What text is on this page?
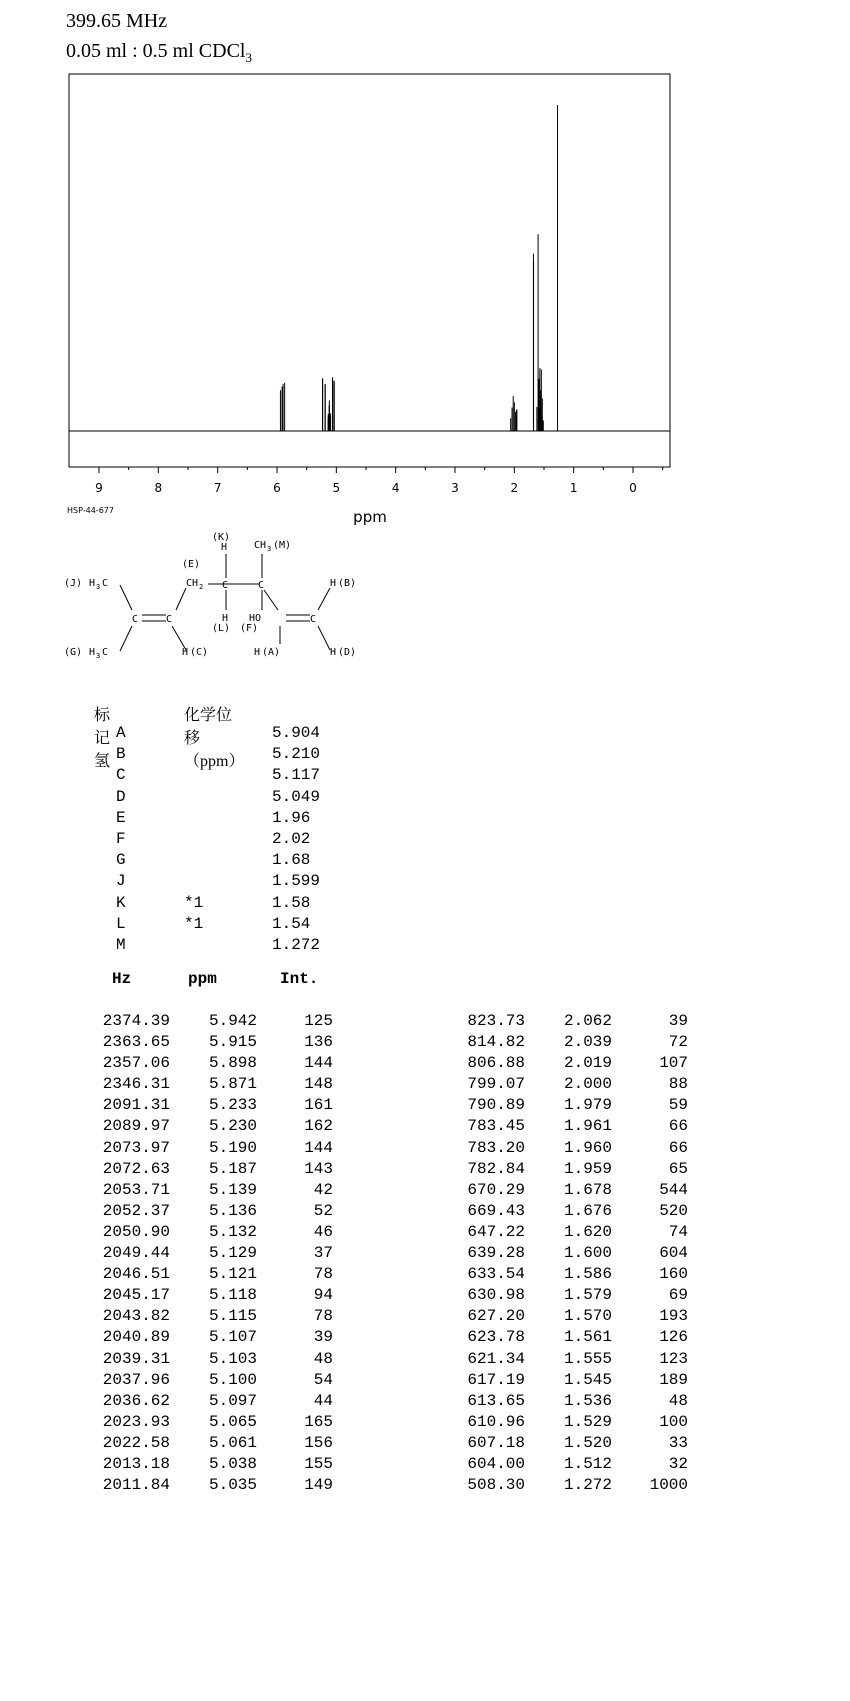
399.65 MHz
0.05 ml : 0.5 ml CDCl$_3$
9	8	7	6	5	4	3	2	1	0
ppm
HSP-44-677
(K)
H
(E)
CH 3 (M)
(J) H 3 C	CH 2 C	C	H (B)
H HO
(L) (F)
(G) H 3 C	H (C)	H (A)	H (D)
C	C	C
标记氢
化学位移（ppm）
A	5.904
B	5.210
C	5.117
D	5.049
E	1.96
F	2.02
G	1.68
J	1.599
K	*1	1.58
L	*1	1.54
M	1.272
Hz	ppm	Int.
2374.39 5.942	125	823.73 2.062	39
2363.65 5.915	136	814.82 2.039	72
2357.06 5.898	144	806.88 2.019	107
2346.31 5.871	148	799.07 2.000	88
2091.31 5.233	161	790.89 1.979	59
2089.97 5.230	162	783.45 1.961	66
2073.97 5.190	144	783.20 1.960	66
2072.63 5.187	143	782.84 1.959	65
2053.71 5.139	42	670.29 1.678	544
2052.37 5.136	52	669.43 1.676	520
2050.90 5.132	46	647.22 1.620	74
2049.44 5.129	37	639.28 1.600	604
2046.51 5.121	78	633.54 1.586	160
2045.17 5.118	94	630.98 1.579	69
2043.82 5.115	78	627.20 1.570	193
2040.89 5.107	39	623.78 1.561	126
2039.31 5.103	48	621.34 1.555	123
2037.96 5.100	54	617.19 1.545	189
2036.62 5.097	44	613.65 1.536	48
2023.93 5.065	165	610.96 1.529	100
2022.58 5.061	156	607.18 1.520	33
2013.18 5.038	155	604.00 1.512	32
2011.84 5.035	149	508.30 1.272 1000
